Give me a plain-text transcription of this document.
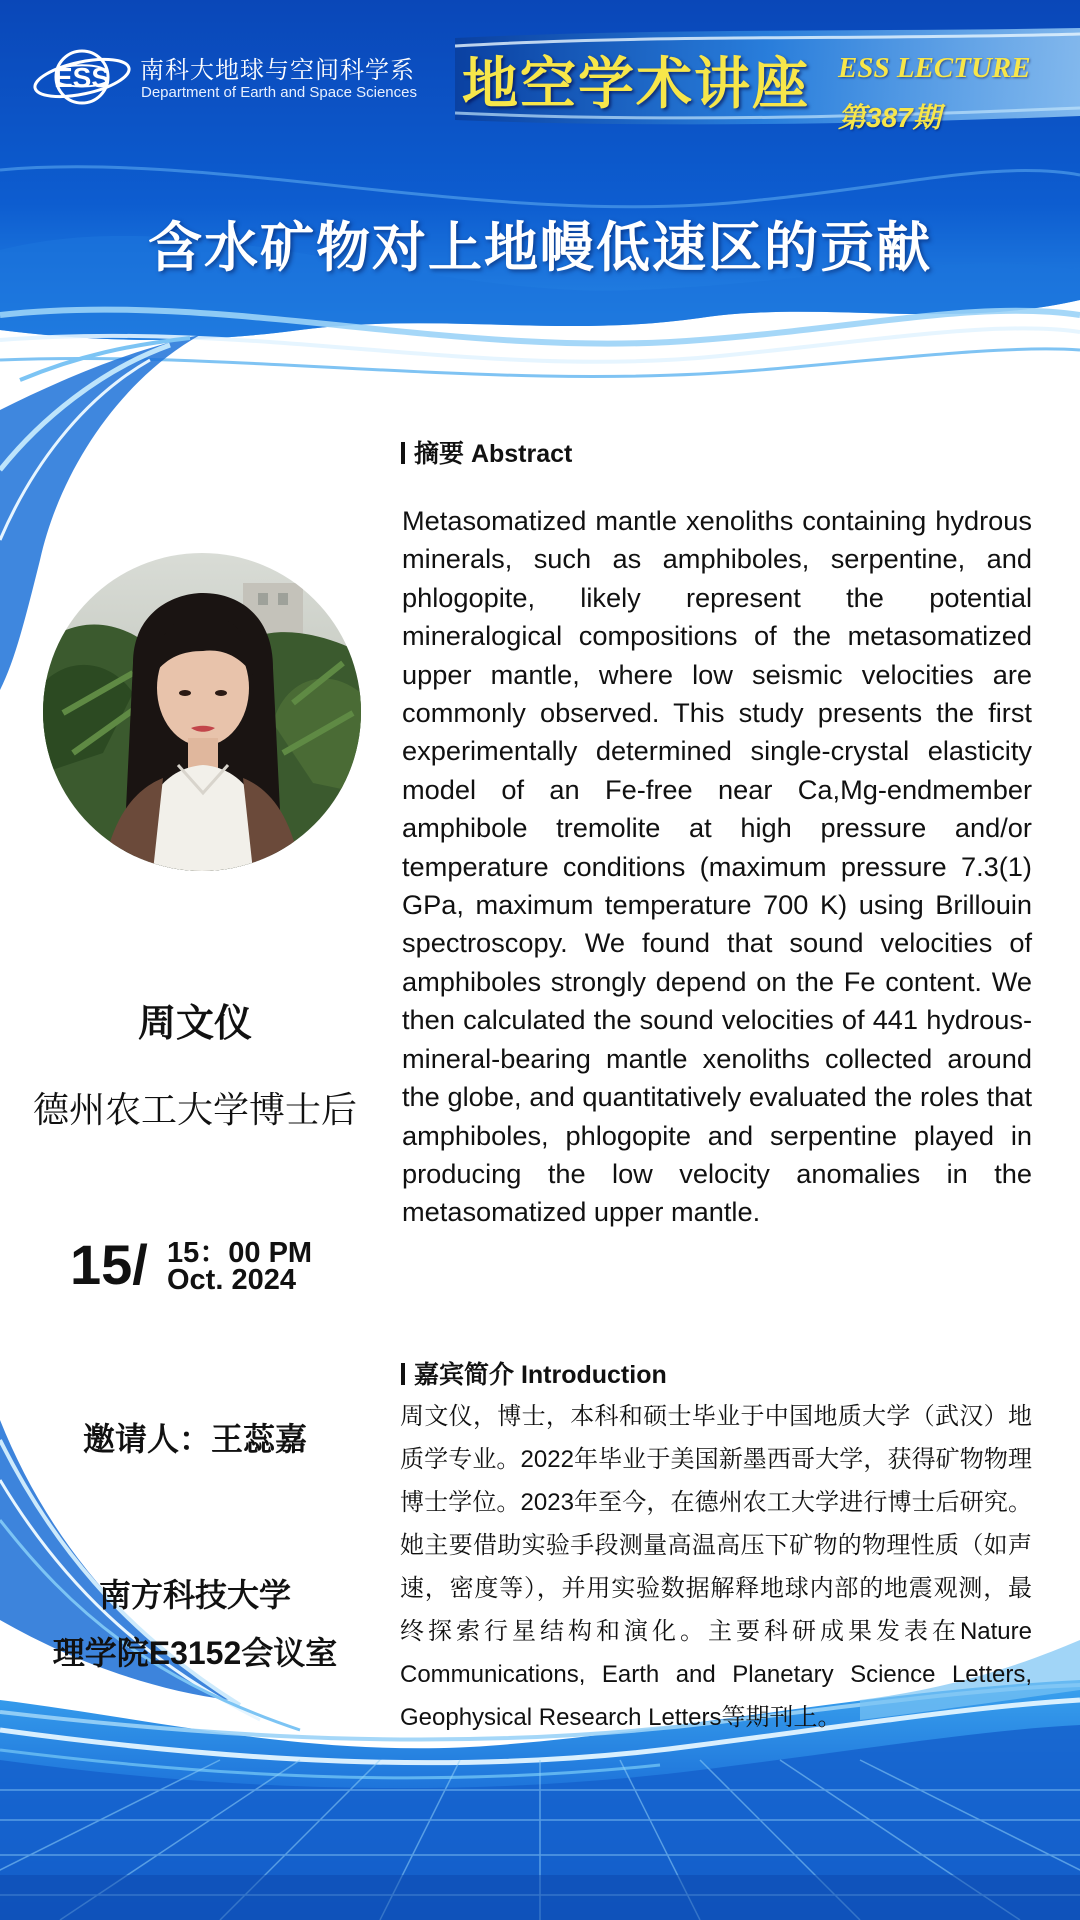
ESS 南科大地球与空间科学系
Department of Earth and Space Sciences 地空学术讲座 ESS LECTURE
第387期
含水矿物对上地幔低速区的贡献
周文仪
德州农工大学博士后
15/ 15：00 PM
Oct. 2024
邀请人：王蕊嘉
南方科技大学
理学院E3152会议室
摘要 Abstract
Metasomatized mantle xenoliths containing hydrous minerals, such as amphiboles, serpentine, and phlogopite, likely represent the potential mineralogical compositions of the metasomatized upper mantle, where low seismic velocities are commonly observed. This study presents the first experimentally determined single-crystal elasticity model of an Fe-free near Ca,Mg-endmember amphibole tremolite at high pressure and/or temperature conditions (maximum pressure 7.3(1) GPa, maximum temperature 700 K) using Brillouin spectroscopy. We found that sound velocities of amphiboles strongly depend on the Fe content. We then calculated the sound velocities of 441 hydrous-mineral-bearing mantle xenoliths collected around the globe, and quantitatively evaluated the roles that amphiboles, phlogopite and serpentine played in producing the low velocity anomalies in the metasomatized upper mantle.
嘉宾简介 Introduction
周文仪，博士，本科和硕士毕业于中国地质大学（武汉）地质学专业。2022年毕业于美国新墨西哥大学，获得矿物物理博士学位。2023年至今，在德州农工大学进行博士后研究。她主要借助实验手段测量高温高压下矿物的物理性质（如声速，密度等），并用实验数据解释地球内部的地震观测，最终探索行星结构和演化。主要科研成果发表在Nature Communications, Earth and Planetary Science Letters, Geophysical Research Letters等期刊上。
